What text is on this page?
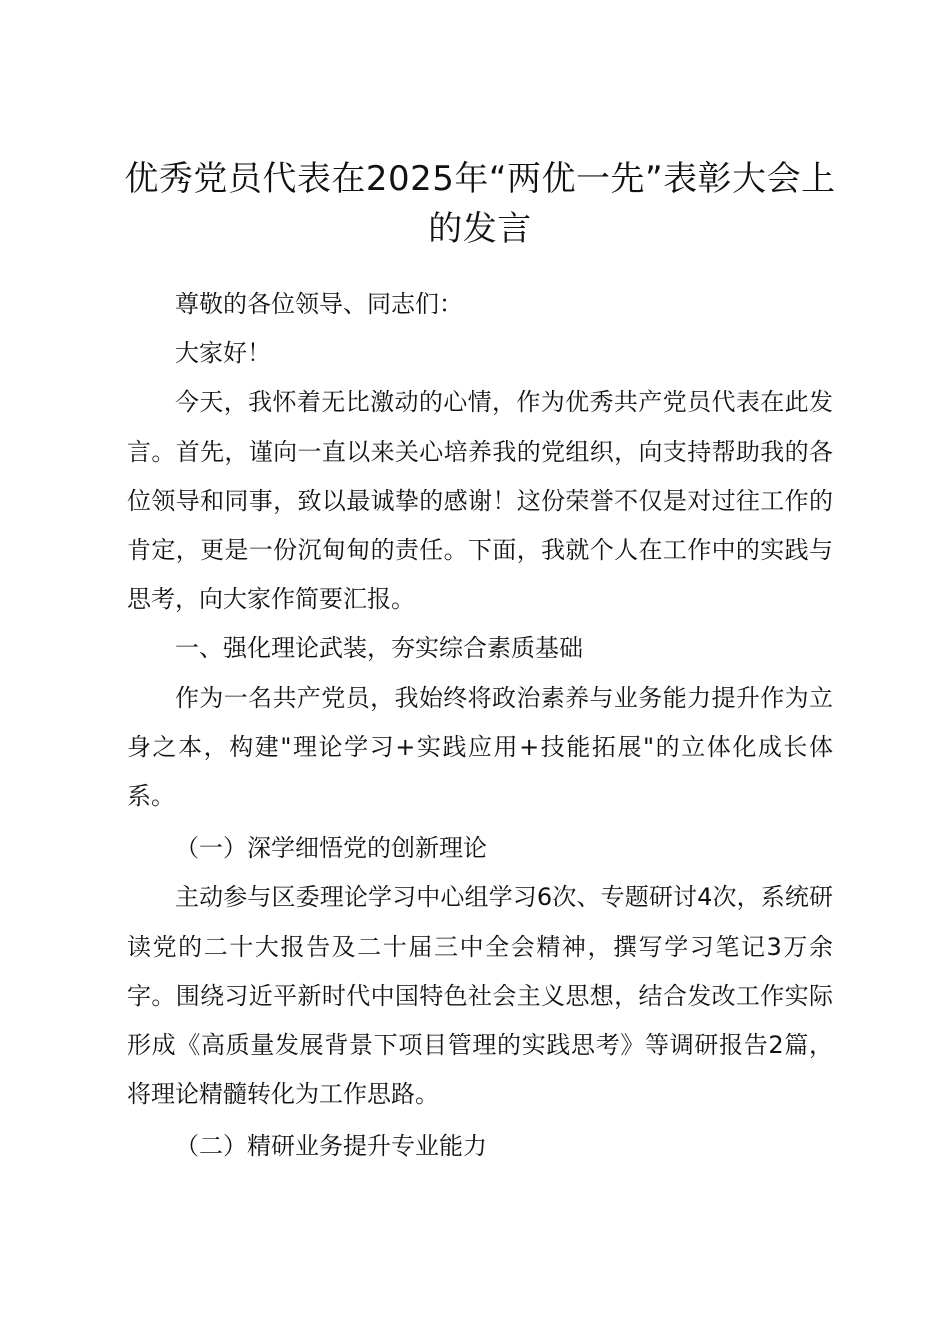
优秀党员代表在2025年“两优一先”表彰大会上的发言

尊敬的各位领导、同志们：

大家好！

今天，我怀着无比激动的心情，作为优秀共产党员代表在此发言。首先，谨向一直以来关心培养我的党组织，向支持帮助我的各位领导和同事，致以最诚挚的感谢！这份荣誉不仅是对过往工作的肯定，更是一份沉甸甸的责任。下面，我就个人在工作中的实践与思考，向大家作简要汇报。

一、强化理论武装，夯实综合素质基础

作为一名共产党员，我始终将政治素养与业务能力提升作为立身之本，构建"理论学习+实践应用+技能拓展"的立体化成长体系。

（一）深学细悟党的创新理论

主动参与区委理论学习中心组学习6次、专题研讨4次，系统研读党的二十大报告及二十届三中全会精神，撰写学习笔记3万余字。围绕习近平新时代中国特色社会主义思想，结合发改工作实际形成《高质量发展背景下项目管理的实践思考》等调研报告2篇，将理论精髓转化为工作思路。

（二）精研业务提升专业能力
